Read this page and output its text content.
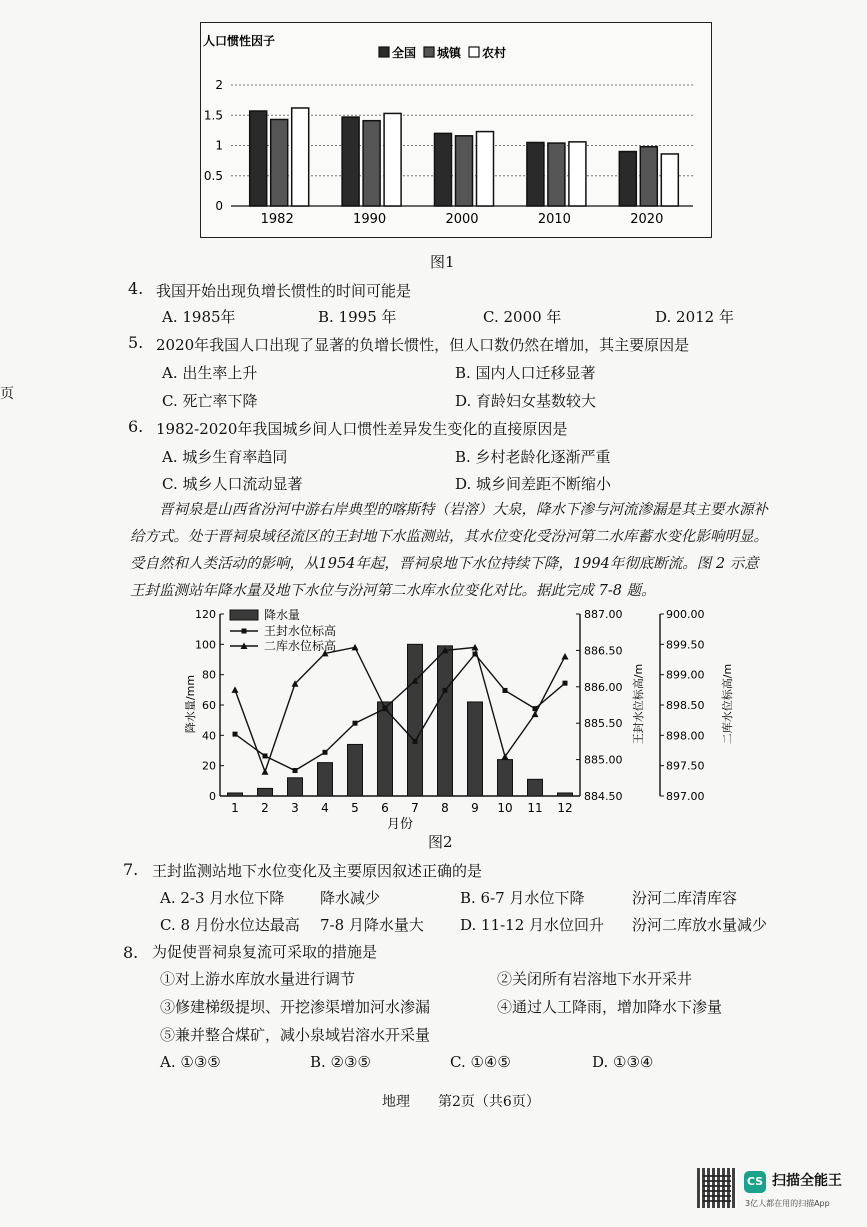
页
人口惯性因子
全国 城镇 农村
0
0.5
1
1.5
2
1982	1990	2000	2010	2020
图1
4. 我国开始出现负增长惯性的时间可能是
A. 1985年	B. 1995 年	C. 2000 年	D. 2012 年
5. 2020年我国人口出现了显著的负增长惯性，但人口数仍然在增加，其主要原因是
A. 出生率上升	B. 国内人口迁移显著
C. 死亡率下降	D. 育龄妇女基数较大
6. 1982-2020年我国城乡间人口惯性差异发生变化的直接原因是
A. 城乡生育率趋同	B. 乡村老龄化逐渐严重
C. 城乡人口流动显著	D. 城乡间差距不断缩小
晋祠泉是山西省汾河中游右岸典型的喀斯特（岩溶）大泉，降水下渗与河流渗漏是其主要水源补给方式。处于晋祠泉域径流区的王封地下水监测站，其水位变化受汾河第二水库蓄水变化影响明显。受自然和人类活动的影响，从1954年起，晋祠泉地下水位持续下降，1994年彻底断流。图 2 示意王封监测站年降水量及地下水位与汾河第二水库水位变化对比。据此完成 7-8 题。
0
20
40
60
80
100
120
降水量/mm
884.50
885.00
885.50
886.00
886.50
887.00
王封水位标高/m
897.00
897.50
898.00
898.50
899.00
899.50
900.00
二库水位标高/m
1 2 3 4 5 6 7 8 9 10 11 12
月份
降水量
王封水位标高
二库水位标高
图2
7. 王封监测站地下水位变化及主要原因叙述正确的是
A. 2-3 月水位下降 降水减少	B. 6-7 月水位下降	汾河二库清库容
C. 8 月份水位达最高 7-8 月降水量大 D. 11-12 月水位回升 汾河二库放水量减少
8. 为促使晋祠泉复流可采取的措施是
①对上游水库放水量进行调节	②关闭所有岩溶地下水开采井
③修建梯级提坝、开挖渗渠增加河水渗漏	④通过人工降雨，增加降水下渗量
⑤兼并整合煤矿，减小泉域岩溶水开采量
A. ①③⑤	B. ②③⑤	C. ①④⑤	D. ①③④
地理　　第2页（共6页）
CS 扫描全能王
3亿人都在用的扫描App
